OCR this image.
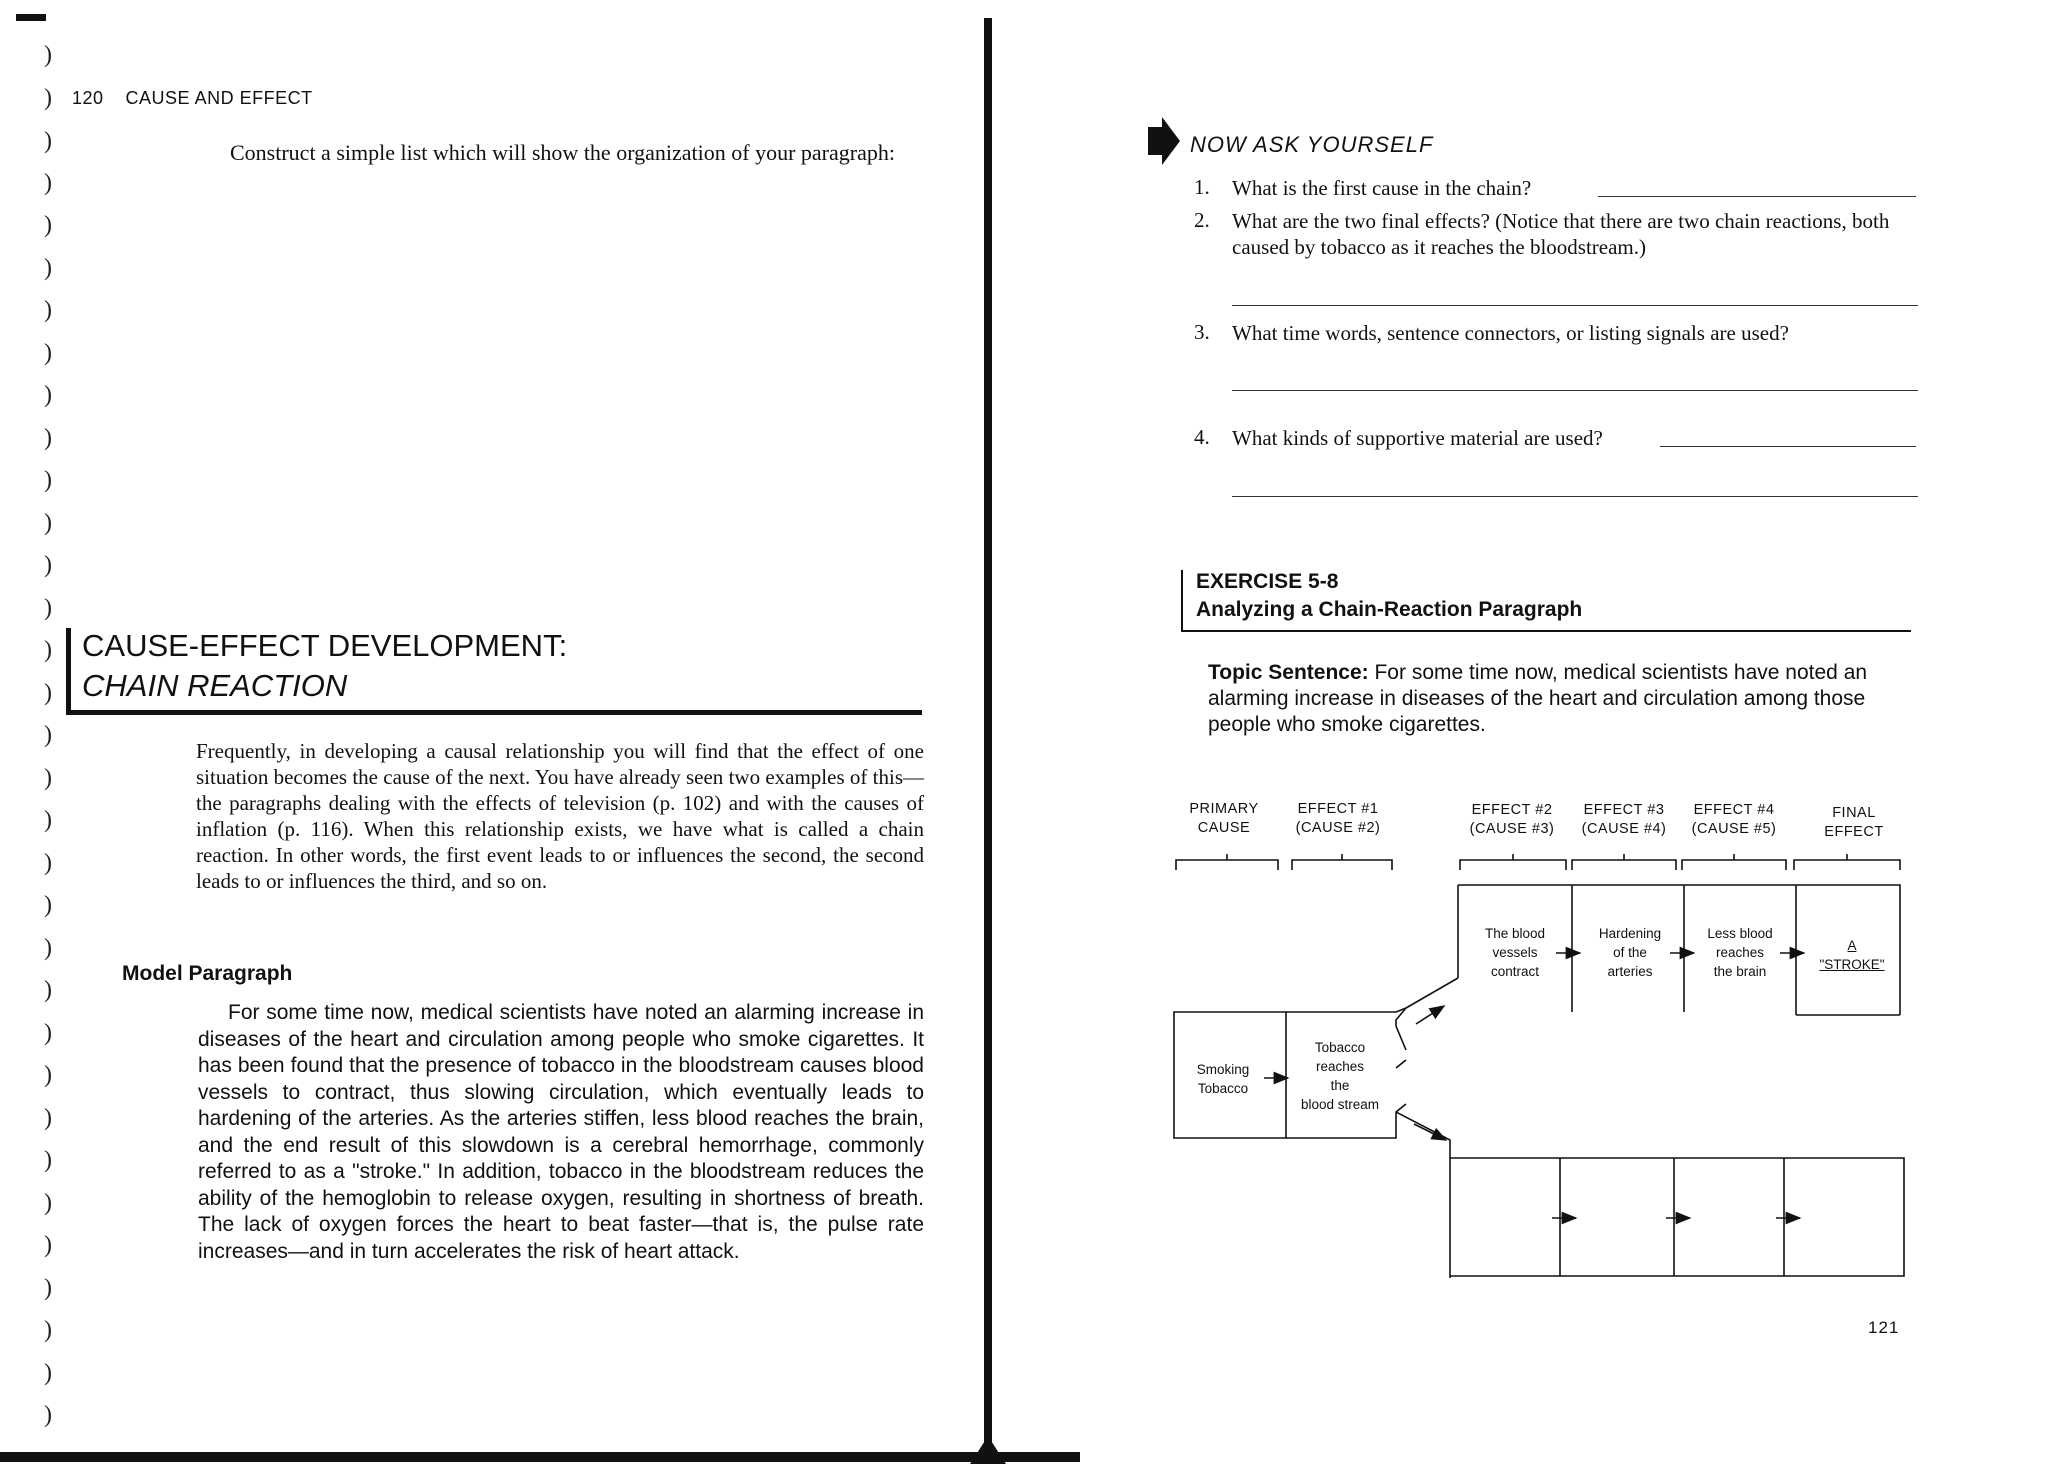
)
)
)
)
)
)
)
)
)
)
)
)
)
)
)
)
)
)
)
)
)
)
)
)
)
)
)
)
)
)
)
)
)
120 CAUSE AND EFFECT
Construct a simple list which will show the organization of your paragraph:
CAUSE-EFFECT DEVELOPMENT:
CHAIN REACTION
Frequently, in developing a causal relationship you will find that the effect of one situation becomes the cause of the next. You have already seen two examples of this—the paragraphs dealing with the effects of television (p. 102) and with the causes of inflation (p. 116). When this relationship exists, we have what is called a chain reaction. In other words, the first event leads to or influences the second, the second leads to or influences the third, and so on.
Model Paragraph
For some time now, medical scientists have noted an alarming increase in diseases of the heart and circulation among people who smoke cigarettes. It has been found that the presence of tobacco in the bloodstream causes blood vessels to contract, thus slowing circulation, which eventually leads to hardening of the arteries. As the arteries stiffen, less blood reaches the brain, and the end result of this slowdown is a cerebral hemorrhage, commonly referred to as a "stroke." In addition, tobacco in the bloodstream reduces the ability of the hemoglobin to release oxygen, resulting in shortness of breath. The lack of oxygen forces the heart to beat faster—that is, the pulse rate increases—and in turn accelerates the risk of heart attack.
NOW ASK YOURSELF
1. What is the first cause in the chain?
2. What are the two final effects? (Notice that there are two chain reactions, both caused by tobacco as it reaches the bloodstream.)
3. What time words, sentence connectors, or listing signals are used?
4. What kinds of supportive material are used?
EXERCISE 5-8
Analyzing a Chain-Reaction Paragraph
Topic Sentence: For some time now, medical scientists have noted an alarming increase in diseases of the heart and circulation among those people who smoke cigarettes.
PRIMARY
CAUSE
EFFECT #1
(CAUSE #2)
EFFECT #2
(CAUSE #3)
EFFECT #3
(CAUSE #4)
EFFECT #4
(CAUSE #5)
FINAL
EFFECT
Smoking
Tobacco
Tobacco
reaches
the
blood stream
The blood
vessels
contract
Hardening
of the
arteries
Less blood
reaches
the brain
A
"STROKE"
121
